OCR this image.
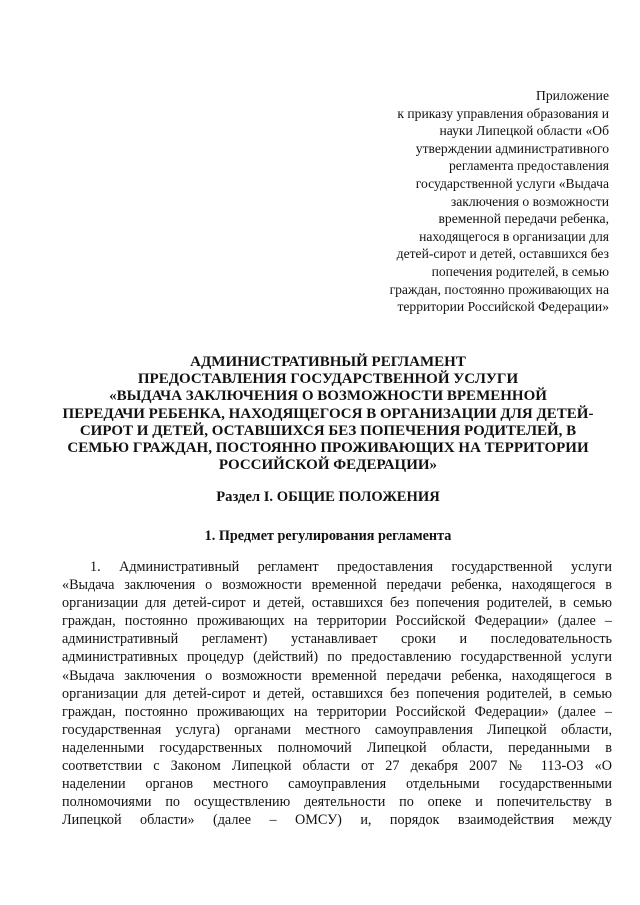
Приложение
к приказу управления образования и
науки Липецкой области «Об
утверждении административного
регламента предоставления
государственной услуги «Выдача
заключения о возможности
временной передачи ребенка,
находящегося в организации для
детей-сирот и детей, оставшихся без
попечения родителей, в семью
граждан, постоянно проживающих на
территории Российской Федерации»
АДМИНИСТРАТИВНЫЙ РЕГЛАМЕНТ
ПРЕДОСТАВЛЕНИЯ ГОСУДАРСТВЕННОЙ УСЛУГИ
«ВЫДАЧА ЗАКЛЮЧЕНИЯ О ВОЗМОЖНОСТИ ВРЕМЕННОЙ
ПЕРЕДАЧИ РЕБЕНКА, НАХОДЯЩЕГОСЯ В ОРГАНИЗАЦИИ ДЛЯ ДЕТЕЙ-
СИРОТ И ДЕТЕЙ, ОСТАВШИХСЯ БЕЗ ПОПЕЧЕНИЯ РОДИТЕЛЕЙ, В
СЕМЬЮ ГРАЖДАН, ПОСТОЯННО ПРОЖИВАЮЩИХ НА ТЕРРИТОРИИ
РОССИЙСКОЙ ФЕДЕРАЦИИ»
Раздел I. ОБЩИЕ ПОЛОЖЕНИЯ
1. Предмет регулирования регламента
1. Административный регламент предоставления государственной услуги
«Выдача заключения о возможности временной передачи ребенка, находящегося в
организации для детей-сирот и детей, оставшихся без попечения родителей, в семью
граждан, постоянно проживающих на территории Российской Федерации» (далее –
административный регламент) устанавливает сроки и последовательность
административных процедур (действий) по предоставлению государственной услуги
«Выдача заключения о возможности временной передачи ребенка, находящегося в
организации для детей-сирот и детей, оставшихся без попечения родителей, в семью
граждан, постоянно проживающих на территории Российской Федерации» (далее –
государственная услуга) органами местного самоуправления Липецкой области,
наделенными государственных полномочий Липецкой области, переданными в
соответствии с Законом Липецкой области от 27 декабря 2007 № 113-ОЗ «О
наделении органов местного самоуправления отдельными государственными
полномочиями по осуществлению деятельности по опеке и попечительству в
Липецкой области» (далее – ОМСУ) и, порядок взаимодействия между
